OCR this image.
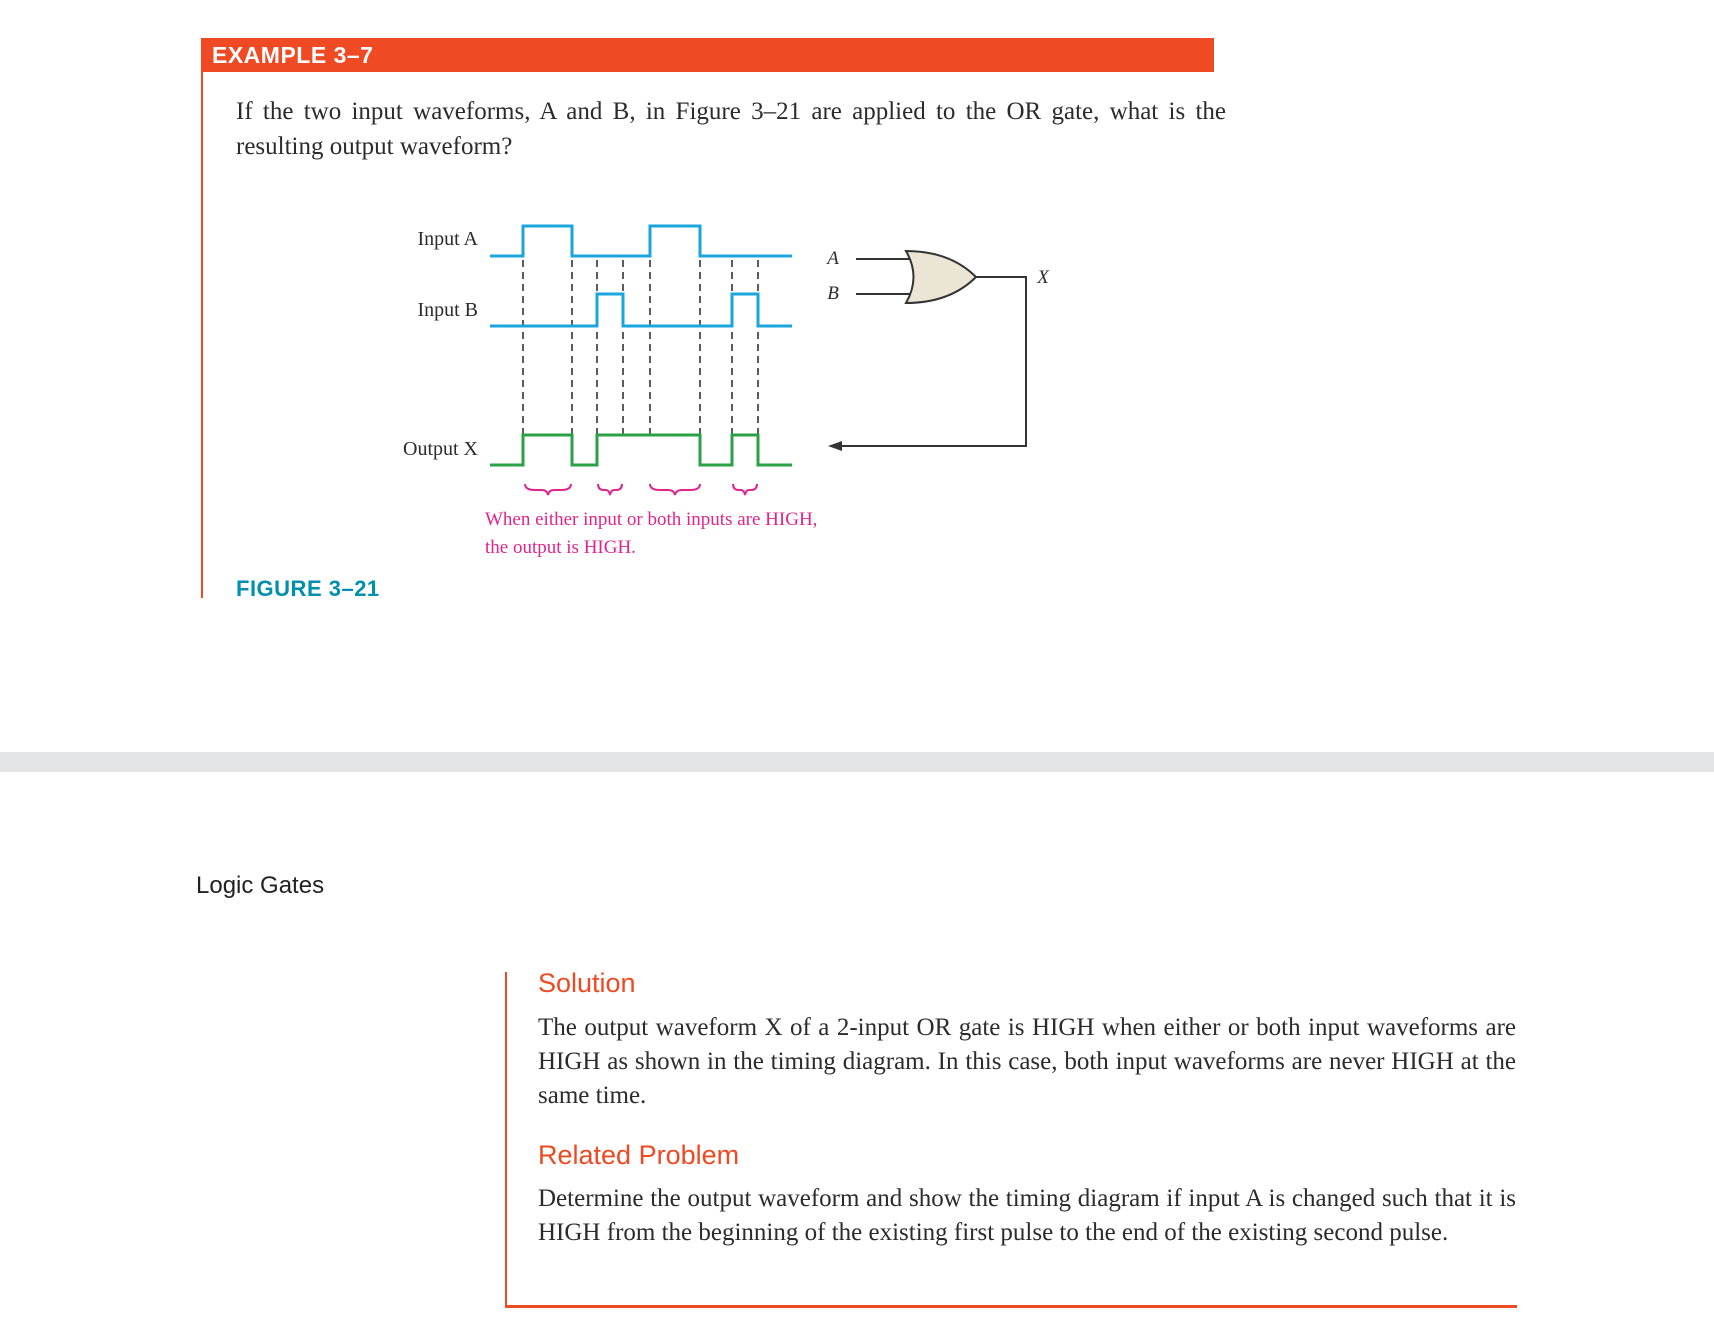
EXAMPLE 3–7
If the two input waveforms, A and B, in Figure 3–21 are applied to the OR gate, what is the resulting output waveform?
Input A
Input B
Output X
A
B
X
When either input or both inputs are HIGH,
the output is HIGH.
FIGURE 3–21
Logic Gates
Solution
The output waveform X of a 2-input OR gate is HIGH when either or both input waveforms are HIGH as shown in the timing diagram. In this case, both input waveforms are never HIGH at the same time.
Related Problem
Determine the output waveform and show the timing diagram if input A is changed such that it is HIGH from the beginning of the existing first pulse to the end of the existing second pulse.
